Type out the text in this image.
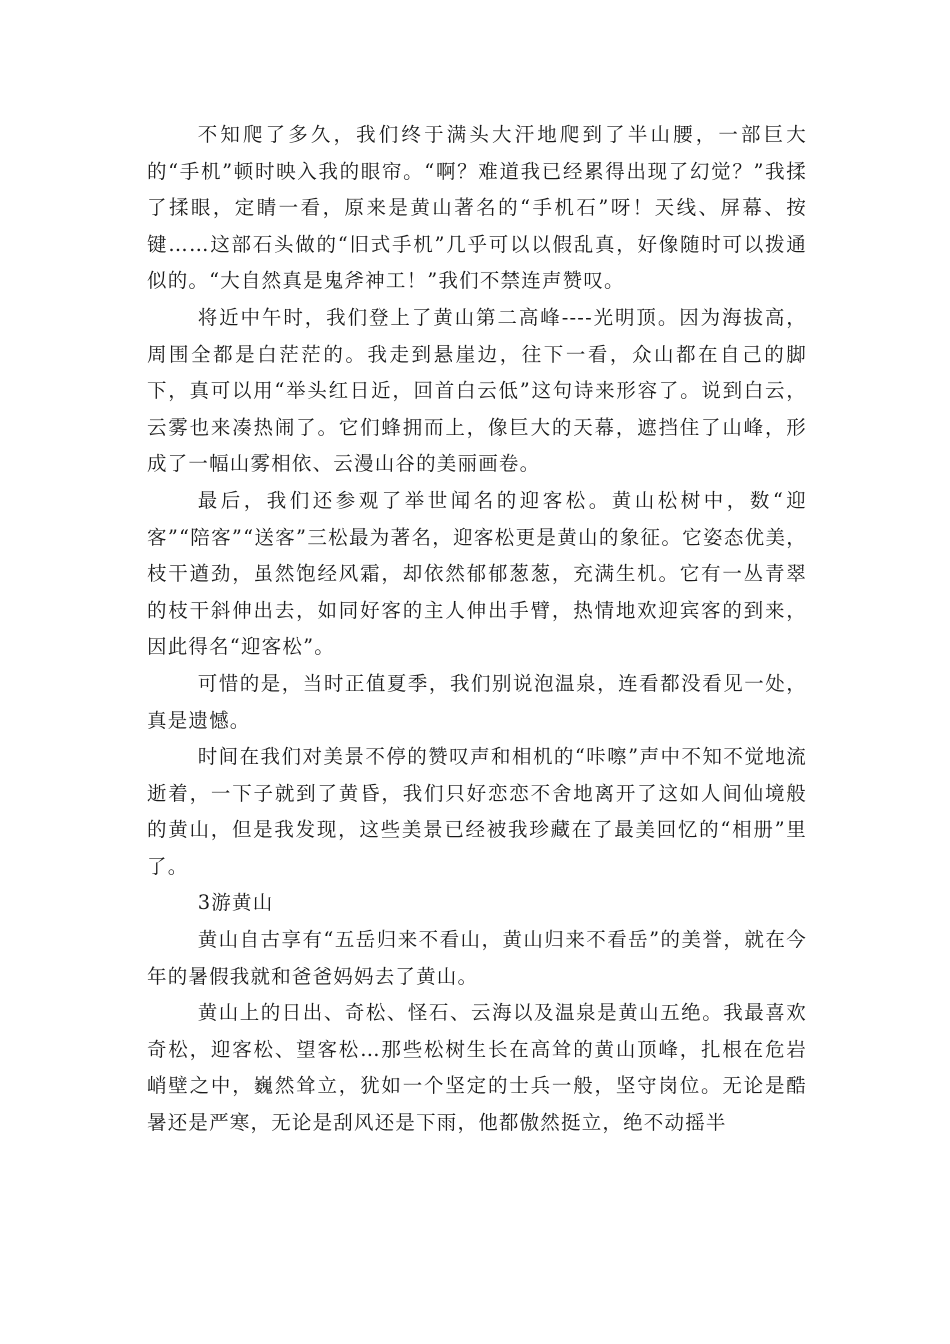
不知爬了多久，我们终于满头大汗地爬到了半山腰，一部巨大的“手机”顿时映入我的眼帘。“啊？难道我已经累得出现了幻觉？”我揉了揉眼，定睛一看，原来是黄山著名的“手机石”呀！天线、屏幕、按键……这部石头做的“旧式手机”几乎可以以假乱真，好像随时可以拨通似的。“大自然真是鬼斧神工！”我们不禁连声赞叹。

将近中午时，我们登上了黄山第二高峰----光明顶。因为海拔高，周围全都是白茫茫的。我走到悬崖边，往下一看，众山都在自己的脚下，真可以用“举头红日近，回首白云低”这句诗来形容了。说到白云，云雾也来凑热闹了。它们蜂拥而上，像巨大的天幕，遮挡住了山峰，形成了一幅山雾相依、云漫山谷的美丽画卷。

最后，我们还参观了举世闻名的迎客松。黄山松树中，数“迎客”“陪客”“送客”三松最为著名，迎客松更是黄山的象征。它姿态优美，枝干遒劲，虽然饱经风霜，却依然郁郁葱葱，充满生机。它有一丛青翠的枝干斜伸出去，如同好客的主人伸出手臂，热情地欢迎宾客的到来，因此得名“迎客松”。

可惜的是，当时正值夏季，我们别说泡温泉，连看都没看见一处，真是遗憾。

时间在我们对美景不停的赞叹声和相机的“咔嚓”声中不知不觉地流逝着，一下子就到了黄昏，我们只好恋恋不舍地离开了这如人间仙境般的黄山，但是我发现，这些美景已经被我珍藏在了最美回忆的“相册”里了。

3游黄山

黄山自古享有“五岳归来不看山，黄山归来不看岳”的美誉，就在今年的暑假我就和爸爸妈妈去了黄山。

黄山上的日出、奇松、怪石、云海以及温泉是黄山五绝。我最喜欢奇松，迎客松、望客松…那些松树生长在高耸的黄山顶峰，扎根在危岩峭壁之中，巍然耸立，犹如一个坚定的士兵一般，坚守岗位。无论是酷暑还是严寒，无论是刮风还是下雨，他都傲然挺立，绝不动摇半
